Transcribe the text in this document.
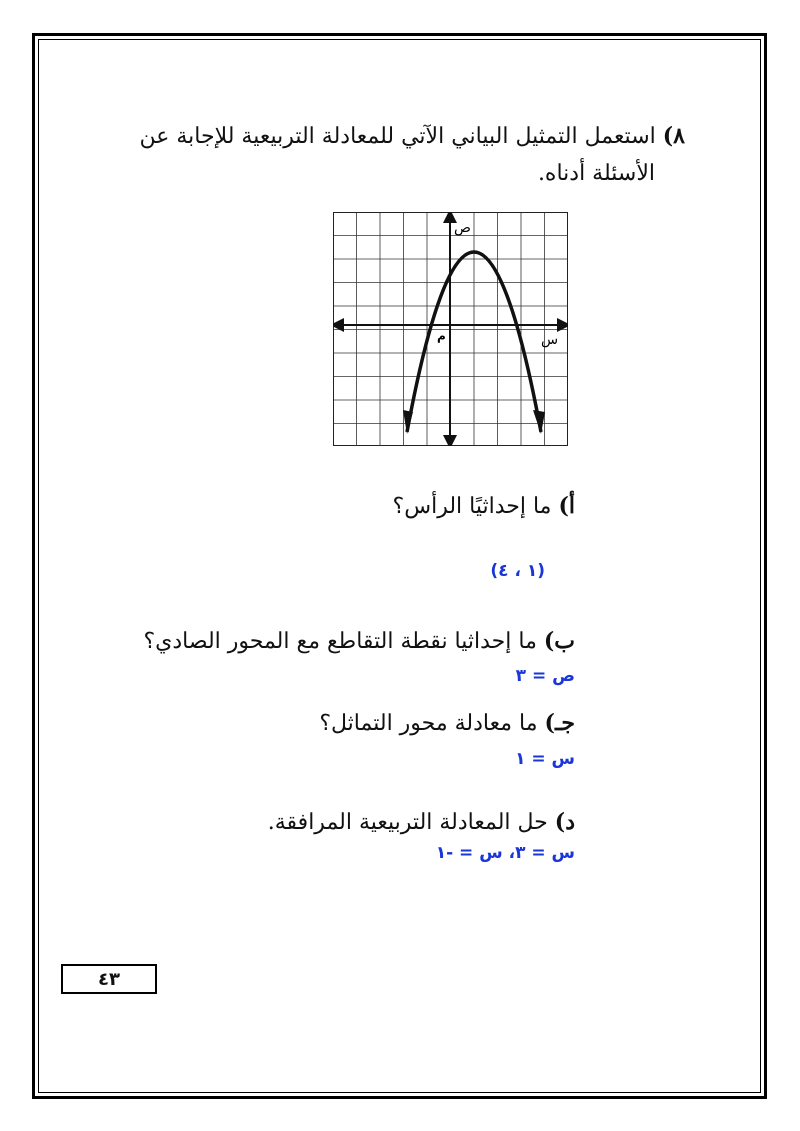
٨) استعمل التمثيل البياني الآتي للمعادلة التربيعية للإجابة عن
الأسئلة أدناه.
ص
س
م
أ) ما إحداثيًا الرأس؟
(١ ، ٤)
ب) ما إحداثيا نقطة التقاطع مع المحور الصادي؟
ص = ٣
جـ) ما معادلة محور التماثل؟
س = ١
د) حل المعادلة التربيعية المرافقة.
س = ٣، س = -١
٤٣
